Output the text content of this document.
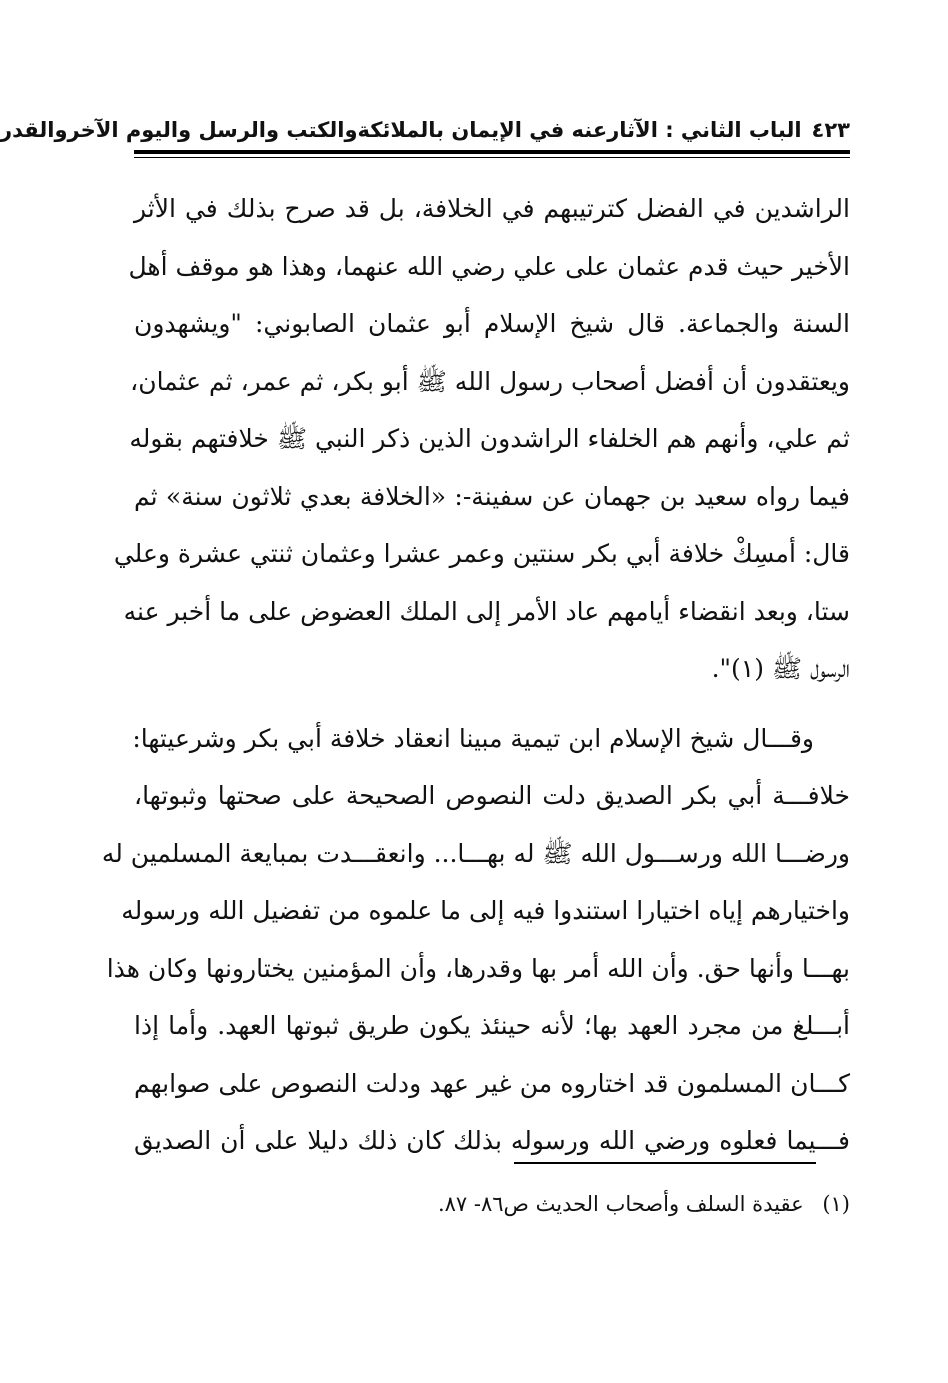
٤٢٣
الباب الثاني : الآثارعنه في الإيمان بالملائكةوالكتب والرسل واليوم الآخروالقدر
الراشدين في الفضل كترتيبهم في الخلافة، بل قد صرح بذلك في الأثر
الأخير حيث قدم عثمان على علي رضي الله عنهما، وهذا هو موقف أهل
السنة والجماعة. قال شيخ الإسلام أبو عثمان الصابوني: "ويشهدون
ويعتقدون أن أفضل أصحاب رسول الله ﷺ أبو بكر، ثم عمر، ثم عثمان،
ثم علي، وأنهم هم الخلفاء الراشدون الذين ذكر النبي ﷺ خلافتهم بقوله
فيما رواه سعيد بن جهمان عن سفينة-: «الخلافة بعدي ثلاثون سنة» ثم
قال: أمسِكْ خلافة أبي بكر سنتين وعمر عشرا وعثمان ثنتي عشرة وعلي
ستا، وبعد انقضاء أيامهم عاد الأمر إلى الملك العضوض على ما أخبر عنه
الرسول ﷺ (١)".
وقـــال شيخ الإسلام ابن تيمية مبينا انعقاد خلافة أبي بكر وشرعيتها:
خلافـــة أبي بكر الصديق دلت النصوص الصحيحة على صحتها وثبوتها،
ورضـــا الله ورســـول الله ﷺ له بهـــا... وانعقـــدت بمبايعة المسلمين له
واختيارهم إياه اختيارا استندوا فيه إلى ما علموه من تفضيل الله ورسوله
بهـــا وأنها حق. وأن الله أمر بها وقدرها، وأن المؤمنين يختارونها وكان هذا
أبـــلغ من مجرد العهد بها؛ لأنه حينئذ يكون طريق ثبوتها العهد. وأما إذا
كـــان المسلمون قد اختاروه من غير عهد ودلت النصوص على صوابهم
فـــيما فعلوه ورضي الله ورسوله بذلك كان ذلك دليلا على أن الصديق
(١) عقيدة السلف وأصحاب الحديث ص٨٦- ٨٧.
